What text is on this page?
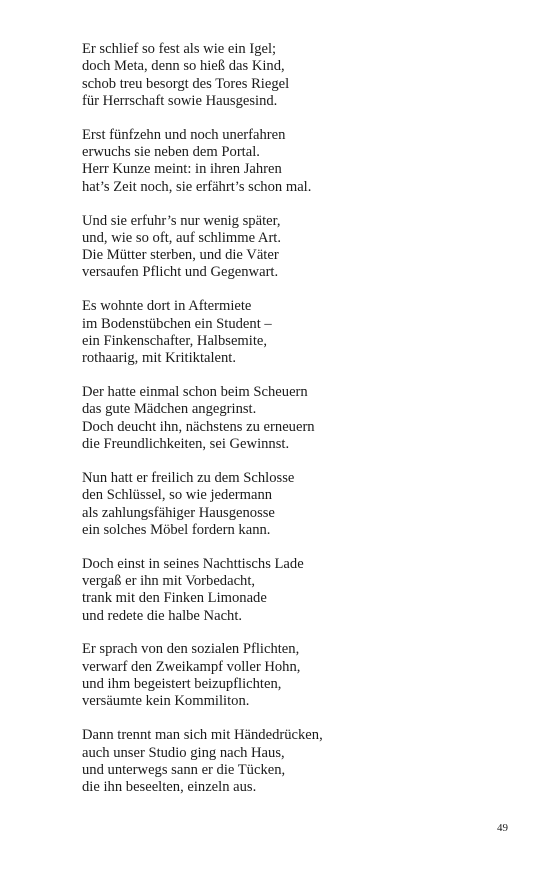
Er schlief so fest als wie ein Igel;
doch Meta, denn so hieß das Kind,
schob treu besorgt des Tores Riegel
für Herrschaft sowie Hausgesind.
Erst fünfzehn und noch unerfahren
erwuchs sie neben dem Portal.
Herr Kunze meint: in ihren Jahren
hat’s Zeit noch, sie erfährt’s schon mal.
Und sie erfuhr’s nur wenig später,
und, wie so oft, auf schlimme Art.
Die Mütter sterben, und die Väter
versaufen Pflicht und Gegenwart.
Es wohnte dort in Aftermiete
im Bodenstübchen ein Student –
ein Finkenschafter, Halbsemite,
rothaarig, mit Kritiktalent.
Der hatte einmal schon beim Scheuern
das gute Mädchen angegrinst.
Doch deucht ihn, nächstens zu erneuern
die Freundlichkeiten, sei Gewinnst.
Nun hatt er freilich zu dem Schlosse
den Schlüssel, so wie jedermann
als zahlungsfähiger Hausgenosse
ein solches Möbel fordern kann.
Doch einst in seines Nachttischs Lade
vergaß er ihn mit Vorbedacht,
trank mit den Finken Limonade
und redete die halbe Nacht.
Er sprach von den sozialen Pflichten,
verwarf den Zweikampf voller Hohn,
und ihm begeistert beizupflichten,
versäumte kein Kommiliton.
Dann trennt man sich mit Händedrücken,
auch unser Studio ging nach Haus,
und unterwegs sann er die Tücken,
die ihn beseelten, einzeln aus.
49
